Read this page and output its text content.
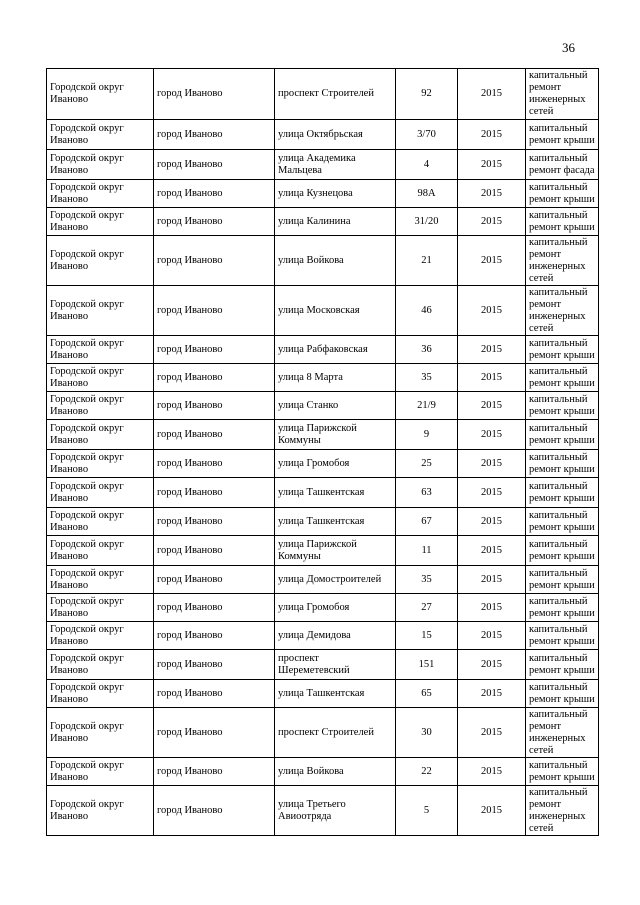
36
Городской округ Иваново	город Иваново	проспект Строителей	92	2015	капитальный ремонт инженерных сетей
Городской округ Иваново	город Иваново	улица Октябрьская	3/70	2015	капитальный ремонт крыши
Городской округ Иваново	город Иваново	улица Академика Мальцева	4	2015	капитальный ремонт фасада
Городской округ Иваново	город Иваново	улица Кузнецова	98А	2015	капитальный ремонт крыши
Городской округ Иваново	город Иваново	улица Калинина	31/20	2015	капитальный ремонт крыши
Городской округ Иваново	город Иваново	улица Войкова	21	2015	капитальный ремонт инженерных сетей
Городской округ Иваново	город Иваново	улица Московская	46	2015	капитальный ремонт инженерных сетей
Городской округ Иваново	город Иваново	улица Рабфаковская	36	2015	капитальный ремонт крыши
Городской округ Иваново	город Иваново	улица 8 Марта	35	2015	капитальный ремонт крыши
Городской округ Иваново	город Иваново	улица Станко	21/9	2015	капитальный ремонт крыши
Городской округ Иваново	город Иваново	улица Парижской Коммуны	9	2015	капитальный ремонт крыши
Городской округ Иваново	город Иваново	улица Громобоя	25	2015	капитальный ремонт крыши
Городской округ Иваново	город Иваново	улица Ташкентская	63	2015	капитальный ремонт крыши
Городской округ Иваново	город Иваново	улица Ташкентская	67	2015	капитальный ремонт крыши
Городской округ Иваново	город Иваново	улица Парижской Коммуны	11	2015	капитальный ремонт крыши
Городской округ Иваново	город Иваново	улица Домостроителей	35	2015	капитальный ремонт крыши
Городской округ Иваново	город Иваново	улица Громобоя	27	2015	капитальный ремонт крыши
Городской округ Иваново	город Иваново	улица Демидова	15	2015	капитальный ремонт крыши
Городской округ Иваново	город Иваново	проспект Шереметевский	151	2015	капитальный ремонт крыши
Городской округ Иваново	город Иваново	улица Ташкентская	65	2015	капитальный ремонт крыши
Городской округ Иваново	город Иваново	проспект Строителей	30	2015	капитальный ремонт инженерных сетей
Городской округ Иваново	город Иваново	улица Войкова	22	2015	капитальный ремонт крыши
Городской округ Иваново	город Иваново	улица Третьего Авиоотряда	5	2015	капитальный ремонт инженерных сетей
